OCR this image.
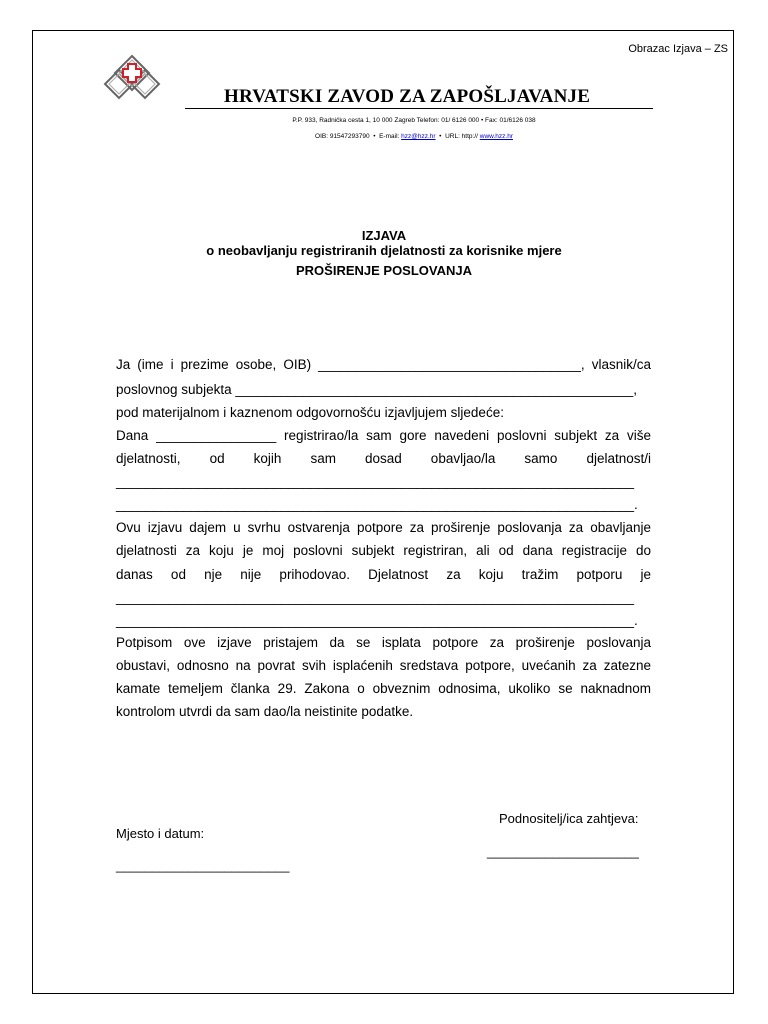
Obrazac Izjava – ZS
HRVATSKI ZAVOD ZA ZAPOŠLJAVANJE
P.P. 933, Radnička cesta 1, 10 000 Zagreb Telefon: 01/ 6126 000 • Fax: 01/6126 038
OIB: 91547293790  •  E-mail: hzz@hzz.hr  •  URL: http:// www.hzz.hr
IZJAVA
o neobavljanju registriranih djelatnosti za korisnike mjere
PROŠIRENJE POSLOVANJA
Ja (ime i prezime osobe, OIB) ___________________________________, vlasnik/ca
poslovnog subjekta _____________________________________________________,
pod materijalnom i kaznenom odgovornošću izjavljujem sljedeće:
Dana ________________ registrirao/la sam gore navedeni poslovni subjekt za više
djelatnosti, od kojih sam dosad obavljao/la samo djelatnost/i
_____________________________________________________________________
_____________________________________________________________________.
Ovu izjavu dajem u svrhu ostvarenja potpore za proširenje poslovanja za obavljanje
djelatnosti za koju je moj poslovni subjekt registriran, ali od dana registracije do
danas od nje nije prihodovao. Djelatnost za koju tražim potporu je
_____________________________________________________________________
_____________________________________________________________________.
Potpisom ove izjave pristajem da se isplata potpore za proširenje poslovanja
obustavi, odnosno na povrat svih isplaćenih sredstava potpore, uvećanih za zatezne
kamate temeljem članka 29. Zakona o obveznim odnosima, ukoliko se naknadnom
kontrolom utvrdi da sam dao/la neistinite podatke.
Podnositelj/ica zahtjeva:
_____________________
Mjesto i datum:
________________________
